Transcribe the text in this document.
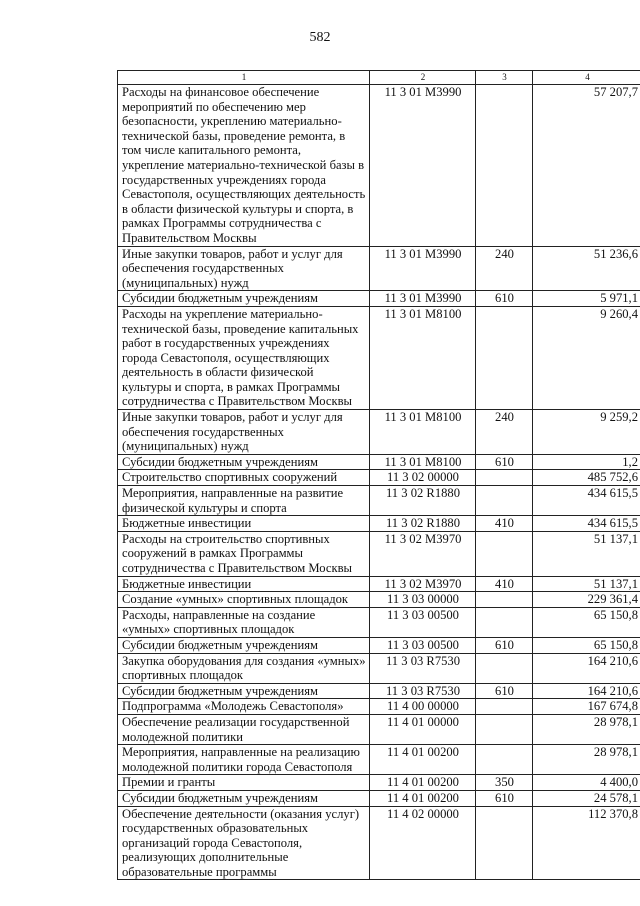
582
1	2	3	4
Расходы на финансовое обеспечение мероприятий по обеспечению мер безопасности, укреплению материально-технической базы, проведение ремонта, в том числе капитального ремонта, укрепление материально-технической базы в государственных учреждениях города Севастополя, осуществляющих деятельность в области физической культуры и спорта, в рамках Программы сотрудничества с Правительством Москвы	11 3 01 М3990		57 207,7
Иные закупки товаров, работ и услуг для обеспечения государственных (муниципальных) нужд	11 3 01 М3990	240	51 236,6
Субсидии бюджетным учреждениям	11 3 01 М3990	610	5 971,1
Расходы на укрепление материально-технической базы, проведение капитальных работ в государственных учреждениях города Севастополя, осуществляющих деятельность в области физической культуры и спорта, в рамках Программы сотрудничества с Правительством Москвы	11 3 01 М8100		9 260,4
Иные закупки товаров, работ и услуг для обеспечения государственных (муниципальных) нужд	11 3 01 М8100	240	9 259,2
Субсидии бюджетным учреждениям	11 3 01 М8100	610	1,2
Строительство спортивных сооружений	11 3 02 00000		485 752,6
Мероприятия, направленные на развитие физической культуры и спорта	11 3 02 R1880		434 615,5
Бюджетные инвестиции	11 3 02 R1880	410	434 615,5
Расходы на строительство спортивных сооружений в рамках Программы сотрудничества с Правительством Москвы	11 3 02 М3970		51 137,1
Бюджетные инвестиции	11 3 02 М3970	410	51 137,1
Создание «умных» спортивных площадок	11 3 03 00000		229 361,4
Расходы, направленные на создание «умных» спортивных площадок	11 3 03 00500		65 150,8
Субсидии бюджетным учреждениям	11 3 03 00500	610	65 150,8
Закупка оборудования для создания «умных» спортивных площадок	11 3 03 R7530		164 210,6
Субсидии бюджетным учреждениям	11 3 03 R7530	610	164 210,6
Подпрограмма «Молодежь Севастополя»	11 4 00 00000		167 674,8
Обеспечение реализации государственной молодежной политики	11 4 01 00000		28 978,1
Мероприятия, направленные на реализацию молодежной политики города Севастополя	11 4 01 00200		28 978,1
Премии и гранты	11 4 01 00200	350	4 400,0
Субсидии бюджетным учреждениям	11 4 01 00200	610	24 578,1
Обеспечение деятельности (оказания услуг) государственных образовательных организаций города Севастополя, реализующих дополнительные образовательные программы	11 4 02 00000		112 370,8
